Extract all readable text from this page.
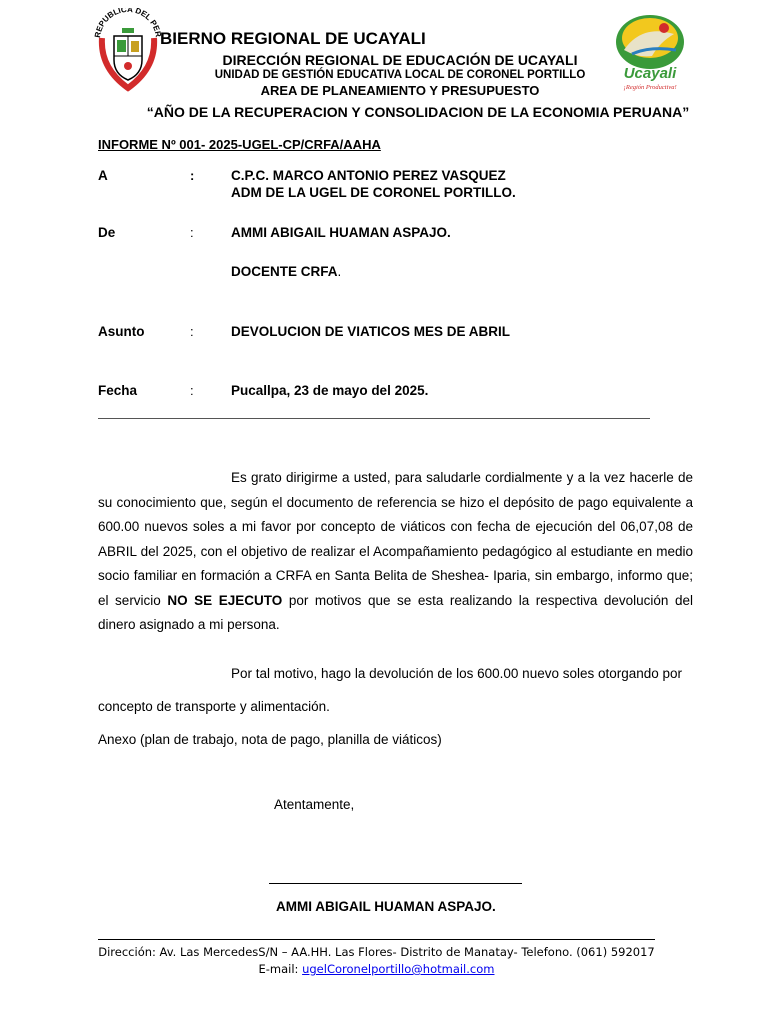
REPUBLICA DEL PER
Ucayali
¡Región Productiva!
BIERNO REGIONAL DE UCAYALI
DIRECCIÓN REGIONAL DE EDUCACIÓN DE UCAYALI
UNIDAD DE GESTIÓN EDUCATIVA LOCAL DE CORONEL PORTILLO
AREA DE PLANEAMIENTO Y PRESUPUESTO
“AÑO DE LA RECUPERACION Y CONSOLIDACION DE LA ECONOMIA PERUANA”
INFORME Nº 001- 2025-UGEL-CP/CRFA/AAHA
A	:	C.P.C. MARCO ANTONIO PEREZ VASQUEZ
ADM DE LA UGEL DE CORONEL PORTILLO.
De	:	AMMI ABIGAIL HUAMAN ASPAJO.
DOCENTE CRFA.
Asunto	:	DEVOLUCION DE VIATICOS MES DE ABRIL
Fecha	:	Pucallpa, 23 de mayo del 2025.
Es grato dirigirme a usted, para saludarle cordialmente y a la vez hacerle de su conocimiento que, según el documento de referencia se hizo el depósito de pago equivalente a 600.00 nuevos soles a mi favor por concepto de viáticos con fecha de ejecución del 06,07,08 de ABRIL del 2025, con el objetivo de realizar el Acompañamiento pedagógico al estudiante en medio socio familiar en formación a CRFA en Santa Belita de Sheshea- Iparia, sin embargo, informo que; el servicio NO SE EJECUTO por motivos que se esta realizando la respectiva devolución del dinero asignado a mi persona.
Por tal motivo, hago la devolución de los 600.00 nuevo soles otorgando por
concepto de transporte y alimentación.
Anexo (plan de trabajo, nota de pago, planilla de viáticos)
Atentamente,
AMMI ABIGAIL HUAMAN ASPAJO.
Dirección: Av. Las MercedesS/N – AA.HH. Las Flores- Distrito de Manatay- Telefono. (061) 592017
E-mail: ugelCoronelportillo@hotmail.com
